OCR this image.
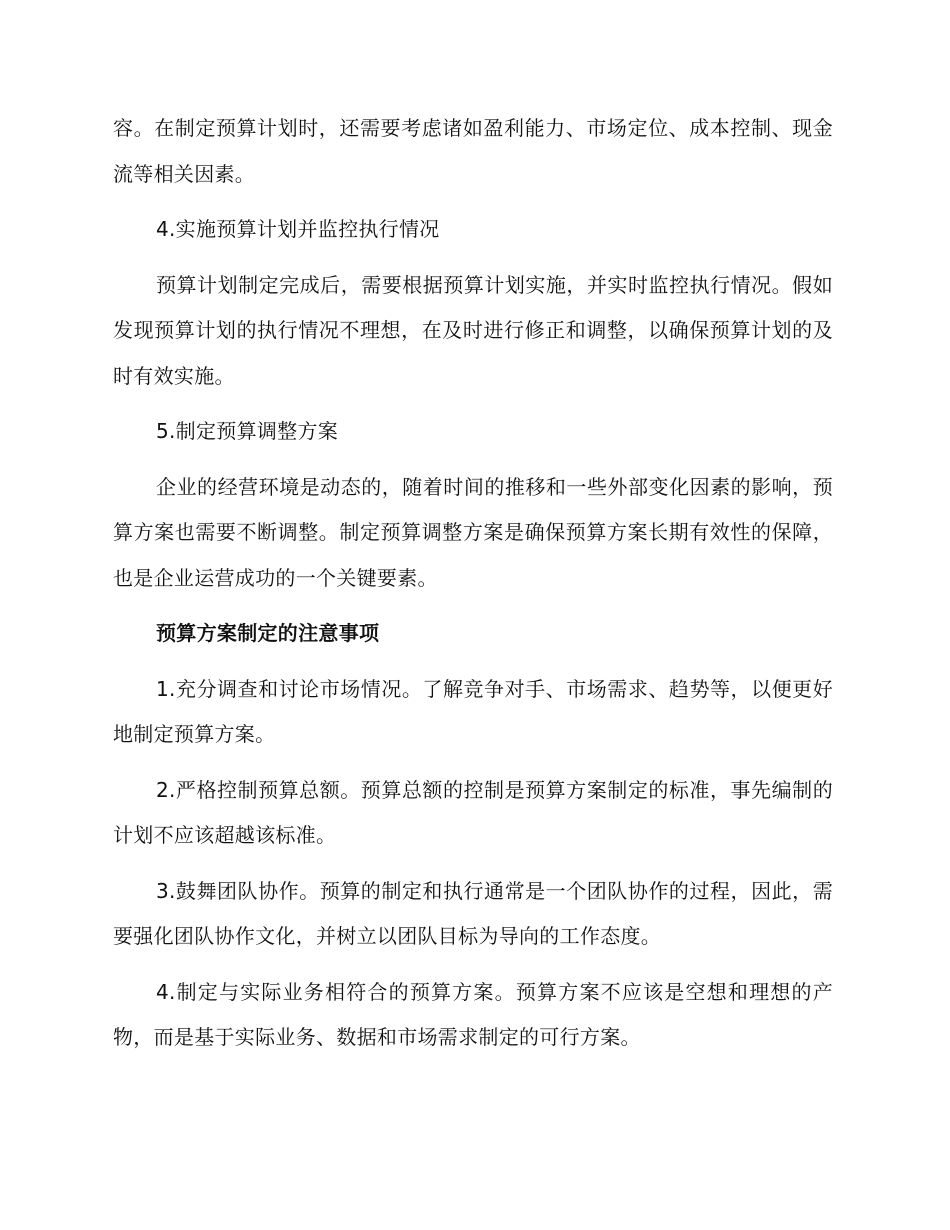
容。在制定预算计划时，还需要考虑诸如盈利能力、市场定位、成本控制、现金流等相关因素。

4.实施预算计划并监控执行情况

预算计划制定完成后，需要根据预算计划实施，并实时监控执行情况。假如发现预算计划的执行情况不理想，在及时进行修正和调整，以确保预算计划的及时有效实施。

5.制定预算调整方案

企业的经营环境是动态的，随着时间的推移和一些外部变化因素的影响，预算方案也需要不断调整。制定预算调整方案是确保预算方案长期有效性的保障，也是企业运营成功的一个关键要素。

预算方案制定的注意事项

1.充分调查和讨论市场情况。了解竞争对手、市场需求、趋势等，以便更好地制定预算方案。

2.严格控制预算总额。预算总额的控制是预算方案制定的标准，事先编制的计划不应该超越该标准。

3.鼓舞团队协作。预算的制定和执行通常是一个团队协作的过程，因此，需要强化团队协作文化，并树立以团队目标为导向的工作态度。

4.制定与实际业务相符合的预算方案。预算方案不应该是空想和理想的产物，而是基于实际业务、数据和市场需求制定的可行方案。
